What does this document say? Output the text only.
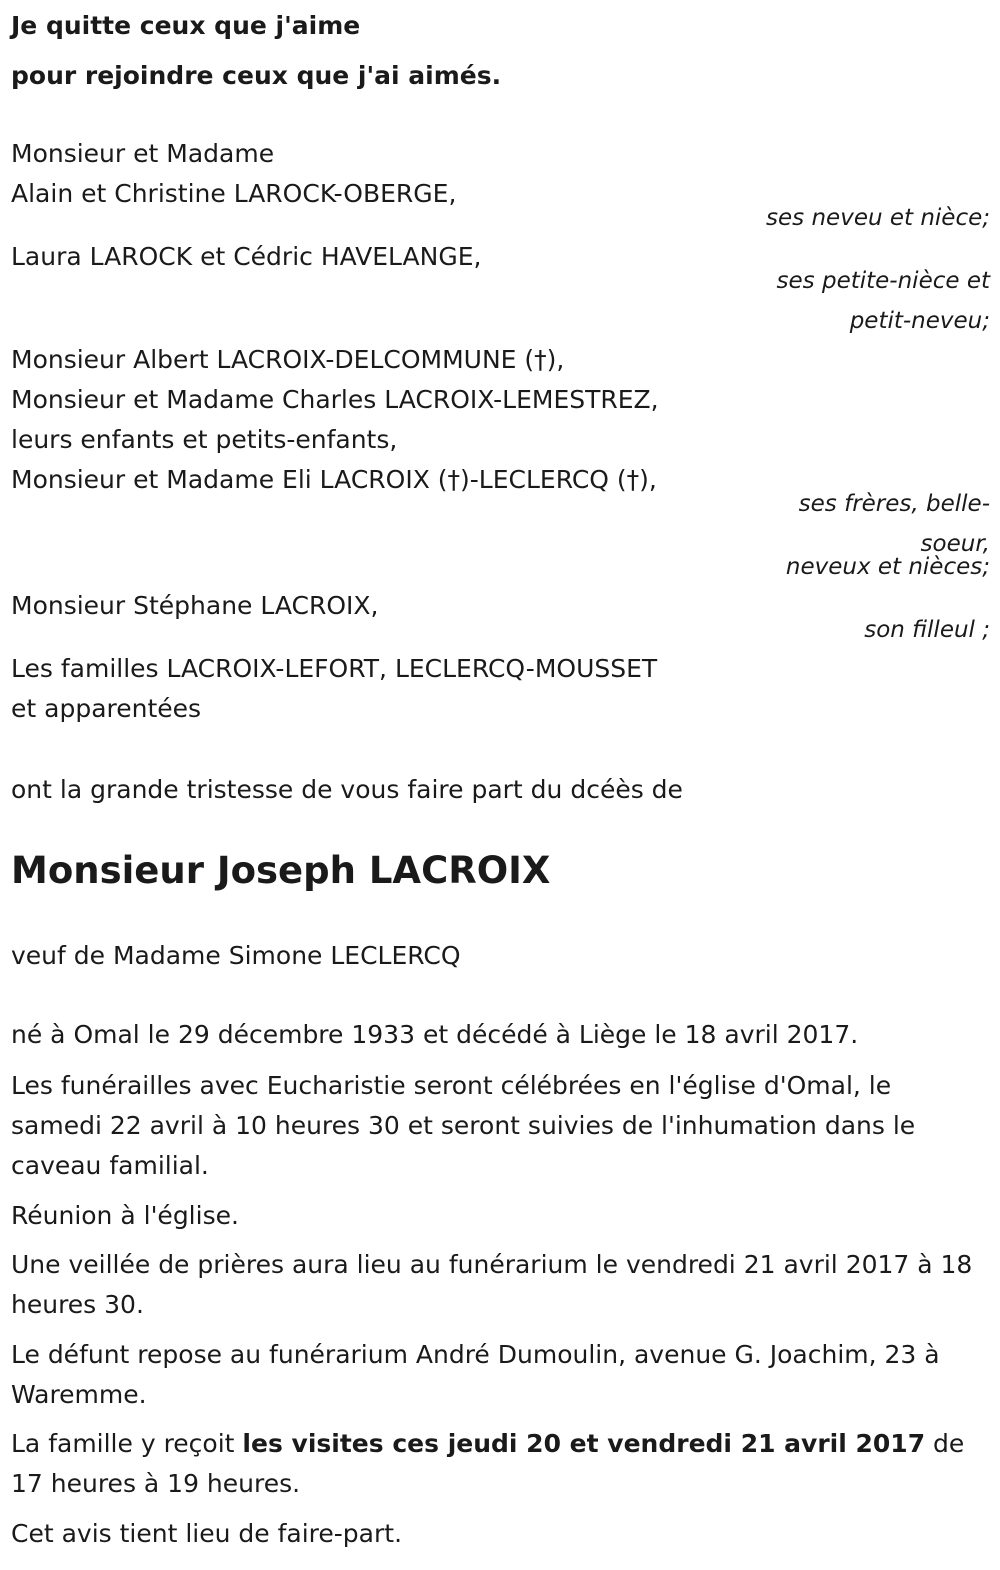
Je quitte ceux que j'aime
pour rejoindre ceux que j'ai aimés.
Monsieur et Madame
Alain et Christine LAROCK-OBERGE,
ses neveu et nièce;
Laura LAROCK et Cédric HAVELANGE,
ses petite-nièce et
petit-neveu;
Monsieur Albert LACROIX-DELCOMMUNE (†),
Monsieur et Madame Charles LACROIX-LEMESTREZ,
leurs enfants et petits-enfants,
Monsieur et Madame Eli LACROIX (†)-LECLERCQ (†),
ses frères, belle-
soeur,
neveux et nièces;
Monsieur Stéphane LACROIX,
son filleul ;
Les familles LACROIX-LEFORT, LECLERCQ-MOUSSET
et apparentées
ont la grande tristesse de vous faire part du dcéès de
Monsieur Joseph LACROIX
veuf de Madame Simone LECLERCQ
né à Omal le 29 décembre 1933 et décédé à Liège le 18 avril 2017.
Les funérailles avec Eucharistie seront célébrées en l'église d'Omal, le samedi 22 avril à 10 heures 30 et seront suivies de l'inhumation dans le caveau familial.
Réunion à l'église.
Une veillée de prières aura lieu au funérarium le vendredi 21 avril 2017 à 18 heures 30.
Le défunt repose au funérarium André Dumoulin, avenue G. Joachim, 23 à Waremme.
La famille y reçoit les visites ces jeudi 20 et vendredi 21 avril 2017 de 17 heures à 19 heures.
Cet avis tient lieu de faire-part.
